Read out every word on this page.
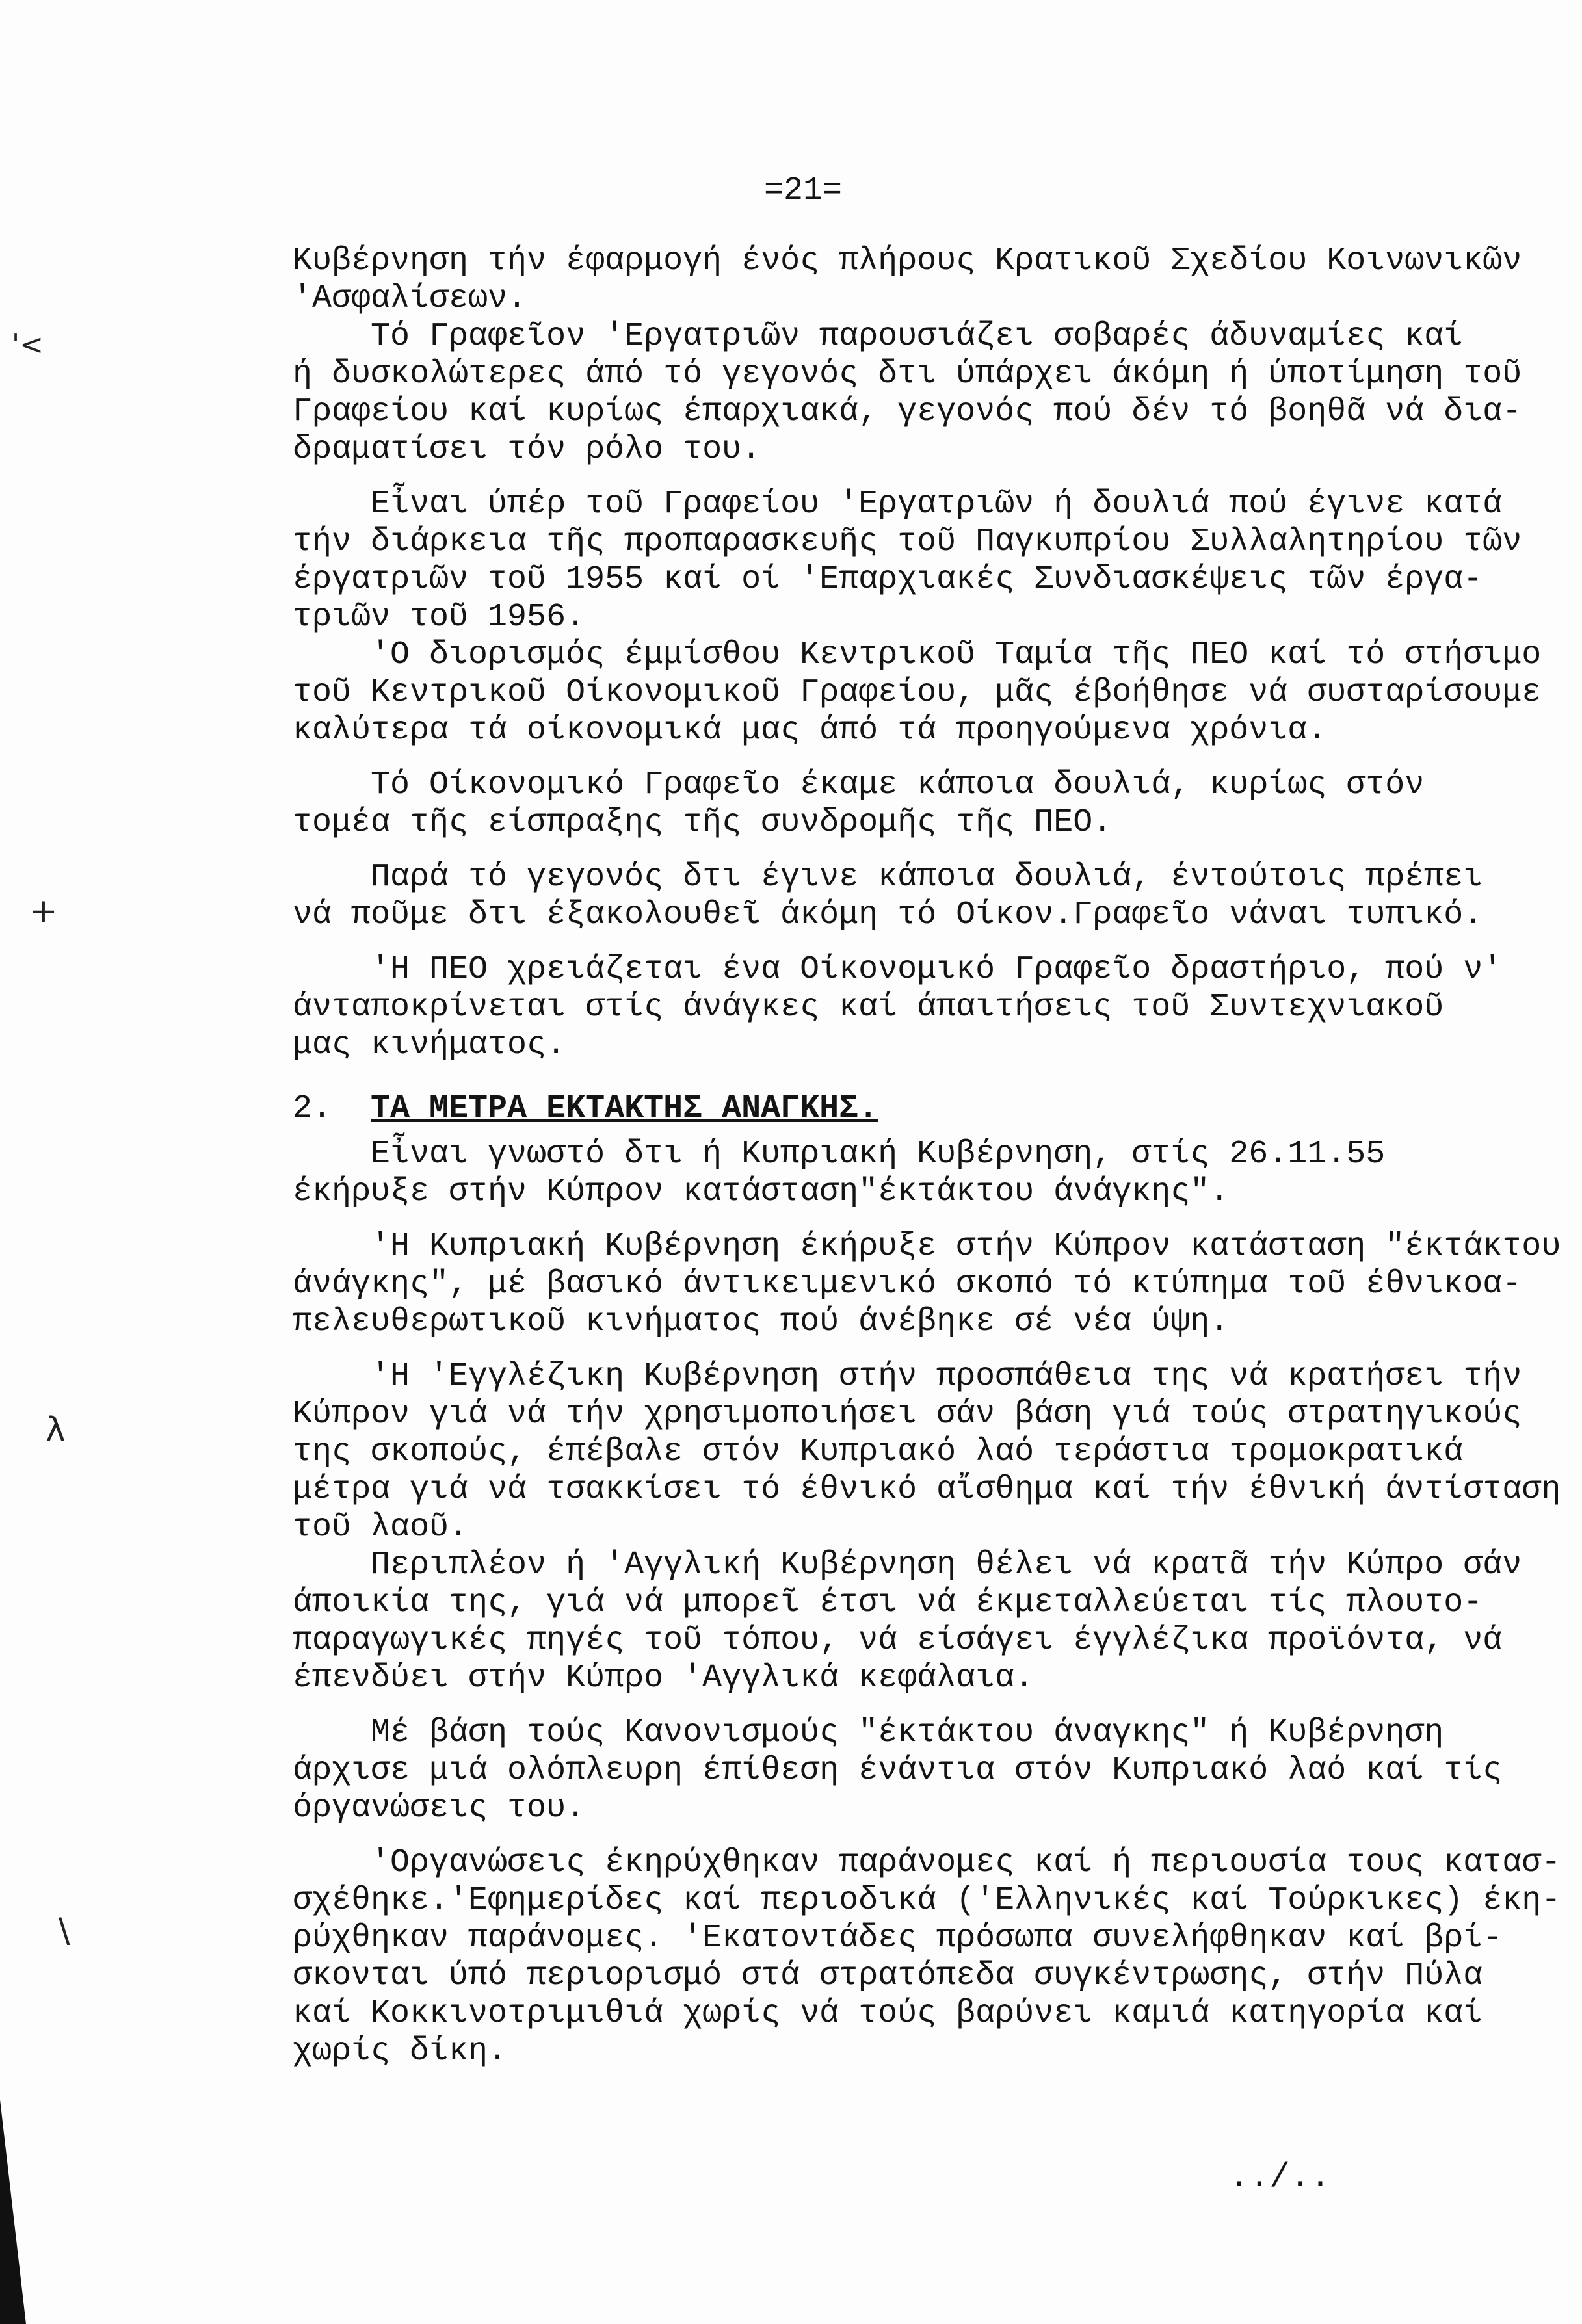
'<
+
λ
\
=21=
Κυβέρνηση τήν έφαρμογή ένός πλήρους Κρατικοῦ Σχεδίου Κοινωνικῶν
'Ασφαλίσεων.
Τό Γραφεῖον 'Εργατριῶν παρουσιάζει σοβαρές άδυναμίες καί
ή δυσκολώτερες άπό τό γεγονός δτι ύπάρχει άκόμη ή ύποτίμηση τοῦ
Γραφείου καί κυρίως έπαρχιακά, γεγονός πού δέν τό βοηθᾶ νά δια-
δραματίσει τόν ρόλο του.
Εἶναι ύπέρ τοῦ Γραφείου 'Εργατριῶν ή δουλιά πού έγινε κατά
τήν διάρκεια τῆς προπαρασκευῆς τοῦ Παγκυπρίου Συλλαλητηρίου τῶν
έργατριῶν τοῦ 1955 καί οί 'Επαρχιακές Συνδιασκέψεις τῶν έργα-
τριῶν τοῦ 1956.
'Ο διορισμός έμμίσθου Κεντρικοῦ Ταμία τῆς ΠΕΟ καί τό στήσιμο
τοῦ Κεντρικοῦ Οίκονομικοῦ Γραφείου, μᾶς έβοήθησε νά συσταρίσουμε
καλύτερα τά οίκονομικά μας άπό τά προηγούμενα χρόνια.
Τό Οίκονομικό Γραφεῖο έκαμε κάποια δουλιά, κυρίως στόν
τομέα τῆς είσπραξης τῆς συνδρομῆς τῆς ΠΕΟ.
Παρά τό γεγονός δτι έγινε κάποια δουλιά, έντούτοις πρέπει
νά ποῦμε δτι έξακολουθεῖ άκόμη τό Οίκον.Γραφεῖο νάναι τυπικό.
'Η ΠΕΟ χρειάζεται ένα Οίκονομικό Γραφεῖο δραστήριο, πού ν'
άνταποκρίνεται στίς άνάγκες καί άπαιτήσεις τοῦ Συντεχνιακοῦ
μας κινήματος.
2. ΤΑ ΜΕΤΡΑ ΕΚΤΑΚΤΗΣ ΑΝΑΓΚΗΣ.
Εἶναι γνωστό δτι ή Κυπριακή Κυβέρνηση, στίς 26.11.55
έκήρυξε στήν Κύπρον κατάσταση"έκτάκτου άνάγκης".
'Η Κυπριακή Κυβέρνηση έκήρυξε στήν Κύπρον κατάσταση "έκτάκτου
άνάγκης", μέ βασικό άντικειμενικό σκοπό τό κτύπημα τοῦ έθνικοα-
πελευθερωτικοῦ κινήματος πού άνέβηκε σέ νέα ύψη.
'Η 'Εγγλέζικη Κυβέρνηση στήν προσπάθεια της νά κρατήσει τήν
Κύπρον γιά νά τήν χρησιμοποιήσει σάν βάση γιά τούς στρατηγικούς
της σκοπούς, έπέβαλε στόν Κυπριακό λαό τεράστια τρομοκρατικά
μέτρα γιά νά τσακκίσει τό έθνικό αἴσθημα καί τήν έθνική άντίσταση
τοῦ λαοῦ.
Περιπλέον ή 'Αγγλική Κυβέρνηση θέλει νά κρατᾶ τήν Κύπρο σάν
άποικία της, γιά νά μπορεῖ έτσι νά έκμεταλλεύεται τίς πλουτο-
παραγωγικές πηγές τοῦ τόπου, νά είσάγει έγγλέζικα προϊόντα, νά
έπενδύει στήν Κύπρο 'Αγγλικά κεφάλαια.
Μέ βάση τούς Κανονισμούς "έκτάκτου άναγκης" ή Κυβέρνηση
άρχισε μιά ολόπλευρη έπίθεση ένάντια στόν Κυπριακό λαό καί τίς
όργανώσεις του.
'Οργανώσεις έκηρύχθηκαν παράνομες καί ή περιουσία τους κατασ-
σχέθηκε.'Εφημερίδες καί περιοδικά ('Ελληνικές καί Τούρκικες) έκη-
ρύχθηκαν παράνομες. 'Εκατοντάδες πρόσωπα συνελήφθηκαν καί βρί-
σκονται ύπό περιορισμό στά στρατόπεδα συγκέντρωσης, στήν Πύλα
καί Κοκκινοτριμιθιά χωρίς νά τούς βαρύνει καμιά κατηγορία καί
χωρίς δίκη.
../..
